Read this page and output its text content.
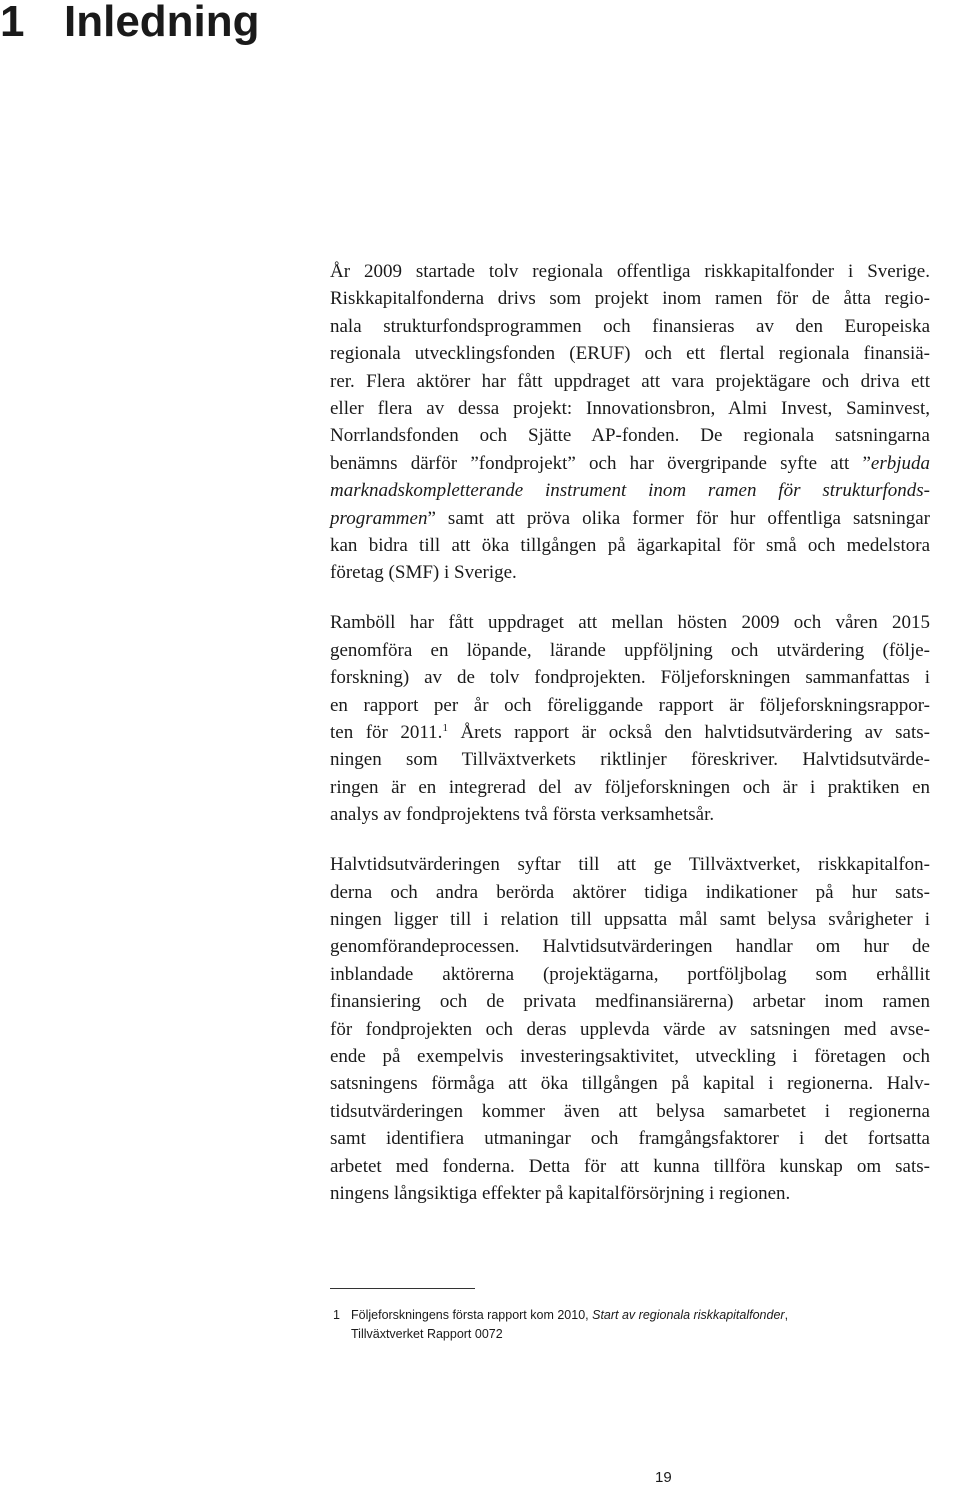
1 Inledning

År 2009 startade tolv regionala offentliga riskkapitalfonder i Sverige.
Riskkapitalfonderna drivs som projekt inom ramen för de åtta regio-
nala strukturfondsprogrammen och finansieras av den Europeiska
regionala utvecklingsfonden (ERUF) och ett flertal regionala finansiä-
rer. Flera aktörer har fått uppdraget att vara projektägare och driva ett
eller flera av dessa projekt: Innovationsbron, Almi Invest, Saminvest,
Norrlandsfonden och Sjätte AP-fonden. De regionala satsningarna
benämns därför ”fondprojekt” och har övergripande syfte att ”erbjuda
marknadskompletterande instrument inom ramen för strukturfonds-
programmen” samt att pröva olika former för hur offentliga satsningar
kan bidra till att öka tillgången på ägarkapital för små och medelstora
företag (SMF) i Sverige.

Ramböll har fått uppdraget att mellan hösten 2009 och våren 2015
genomföra en löpande, lärande uppföljning och utvärdering (följe-
forskning) av de tolv fondprojekten. Följeforskningen sammanfattas i
en rapport per år och föreliggande rapport är följeforskningsrappor-
ten för 2011.$^1$ Årets rapport är också den halvtidsutvärdering av sats-
ningen som Tillväxtverkets riktlinjer föreskriver. Halvtidsutvärde-
ringen är en integrerad del av följeforskningen och är i praktiken en
analys av fondprojektens två första verksamhetsår.

Halvtidsutvärderingen syftar till att ge Tillväxtverket, riskkapitalfon-
derna och andra berörda aktörer tidiga indikationer på hur sats-
ningen ligger till i relation till uppsatta mål samt belysa svårigheter i
genomförandeprocessen. Halvtidsutvärderingen handlar om hur de
inblandade aktörerna (projektägarna, portföljbolag som erhållit
finansiering och de privata medfinansiärerna) arbetar inom ramen
för fondprojekten och deras upplevda värde av satsningen med avse-
ende på exempelvis investeringsaktivitet, utveckling i företagen och
satsningens förmåga att öka tillgången på kapital i regionerna. Halv-
tidsutvärderingen kommer även att belysa samarbetet i regionerna
samt identifiera utmaningar och framgångsfaktorer i det fortsatta
arbetet med fonderna. Detta för att kunna tillföra kunskap om sats-
ningens långsiktiga effekter på kapitalförsörjning i regionen.

1 Följeforskningens första rapport kom 2010, Start av regionala riskkapitalfonder,
Tillväxtverket Rapport 0072
19
